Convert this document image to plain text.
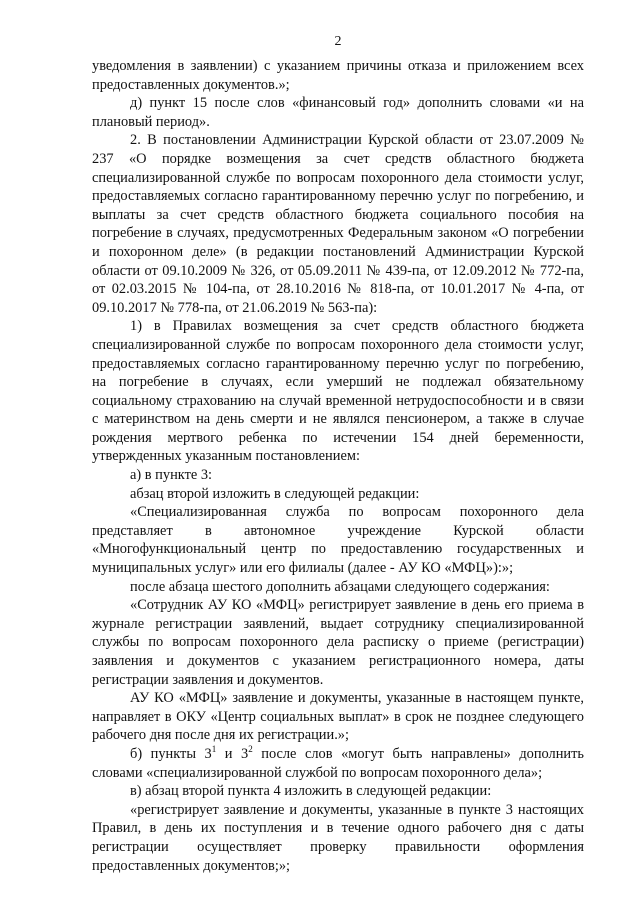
2

уведомления в заявлении) с указанием причины отказа и приложением всех предоставленных документов.»;

д) пункт 15 после слов «финансовый год» дополнить словами «и на плановый период».

2. В постановлении Администрации Курской области от 23.07.2009 № 237 «О порядке возмещения за счет средств областного бюджета специализированной службе по вопросам похоронного дела стоимости услуг, предоставляемых согласно гарантированному перечню услуг по погребению, и выплаты за счет средств областного бюджета социального пособия на погребение в случаях, предусмотренных Федеральным законом «О погребении и похоронном деле» (в редакции постановлений Администрации Курской области от 09.10.2009 № 326, от 05.09.2011 № 439-па, от 12.09.2012 № 772-па, от 02.03.2015 № 104-па, от 28.10.2016 № 818-па, от 10.01.2017 № 4-па, от 09.10.2017 № 778-па, от 21.06.2019 № 563-па):

1) в Правилах возмещения за счет средств областного бюджета специализированной службе по вопросам похоронного дела стоимости услуг, предоставляемых согласно гарантированному перечню услуг по погребению, на погребение в случаях, если умерший не подлежал обязательному социальному страхованию на случай временной нетрудоспособности и в связи с материнством на день смерти и не являлся пенсионером, а также в случае рождения мертвого ребенка по истечении 154 дней беременности, утвержденных указанным постановлением:

а) в пункте 3:

абзац второй изложить в следующей редакции:

«Специализированная служба по вопросам похоронного дела представляет в автономное учреждение Курской области «Многофункциональный центр по предоставлению государственных и муниципальных услуг» или его филиалы (далее - АУ КО «МФЦ»):»;

после абзаца шестого дополнить абзацами следующего содержания:

«Сотрудник АУ КО «МФЦ» регистрирует заявление в день его приема в журнале регистрации заявлений, выдает сотруднику специализированной службы по вопросам похоронного дела расписку о приеме (регистрации) заявления и документов с указанием регистрационного номера, даты регистрации заявления и документов.

АУ КО «МФЦ» заявление и документы, указанные в настоящем пункте, направляет в ОКУ «Центр социальных выплат» в срок не позднее следующего рабочего дня после дня их регистрации.»;

б) пункты $3^1$ и $3^2$ после слов «могут быть направлены» дополнить словами «специализированной службой по вопросам похоронного дела»;

в) абзац второй пункта 4 изложить в следующей редакции:

«регистрирует заявление и документы, указанные в пункте 3 настоящих Правил, в день их поступления и в течение одного рабочего дня с даты регистрации осуществляет проверку правильности оформления предоставленных документов;»;
